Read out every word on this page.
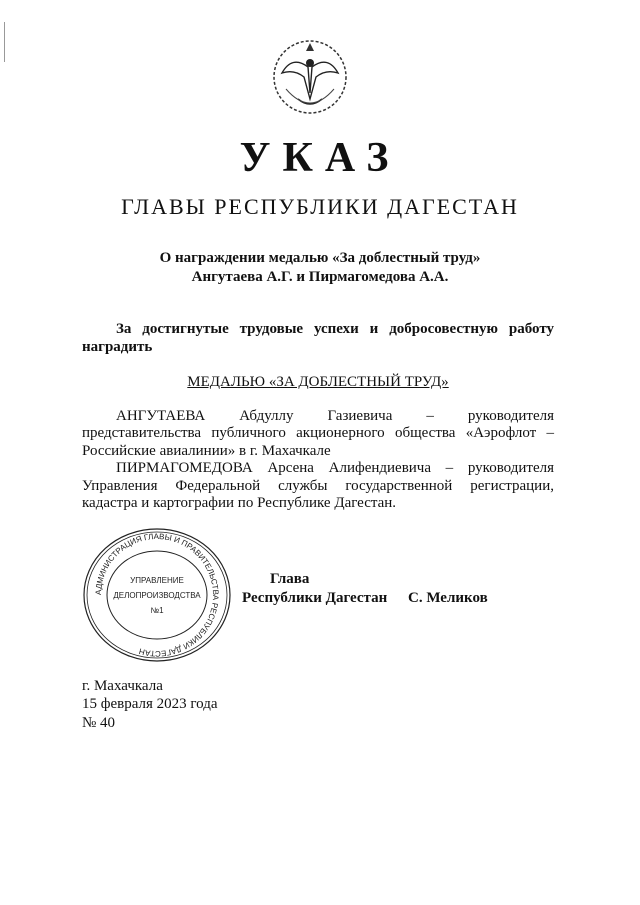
УКАЗ
ГЛАВЫ РЕСПУБЛИКИ ДАГЕСТАН
О награждении медалью «За доблестный труд»
Ангутаева А.Г. и Пирмагомедова А.А.

За достигнутые трудовые успехи и добросовестную работу наградить

МЕДАЛЬЮ «ЗА ДОБЛЕСТНЫЙ ТРУД»

АНГУТАЕВА Абдуллу Газиевича – руководителя представительства публичного акционерного общества «Аэрофлот – Российские авиалинии» в г. Махачкале

ПИРМАГОМЕДОВА Арсена Алифендиевича – руководителя Управления Федеральной службы государственной регистрации, кадастра и картографии по Республике Дагестан.

АДМИНИСТРАЦИЯ ГЛАВЫ И ПРАВИТЕЛЬСТВА РЕСПУБЛИКИ ДАГЕСТАН
УПРАВЛЕНИЕ
ДЕЛОПРОИЗВОДСТВА
№1
Глава
Республики Дагестан С. Меликов
г. Махачкала
15 февраля 2023 года
№ 40
